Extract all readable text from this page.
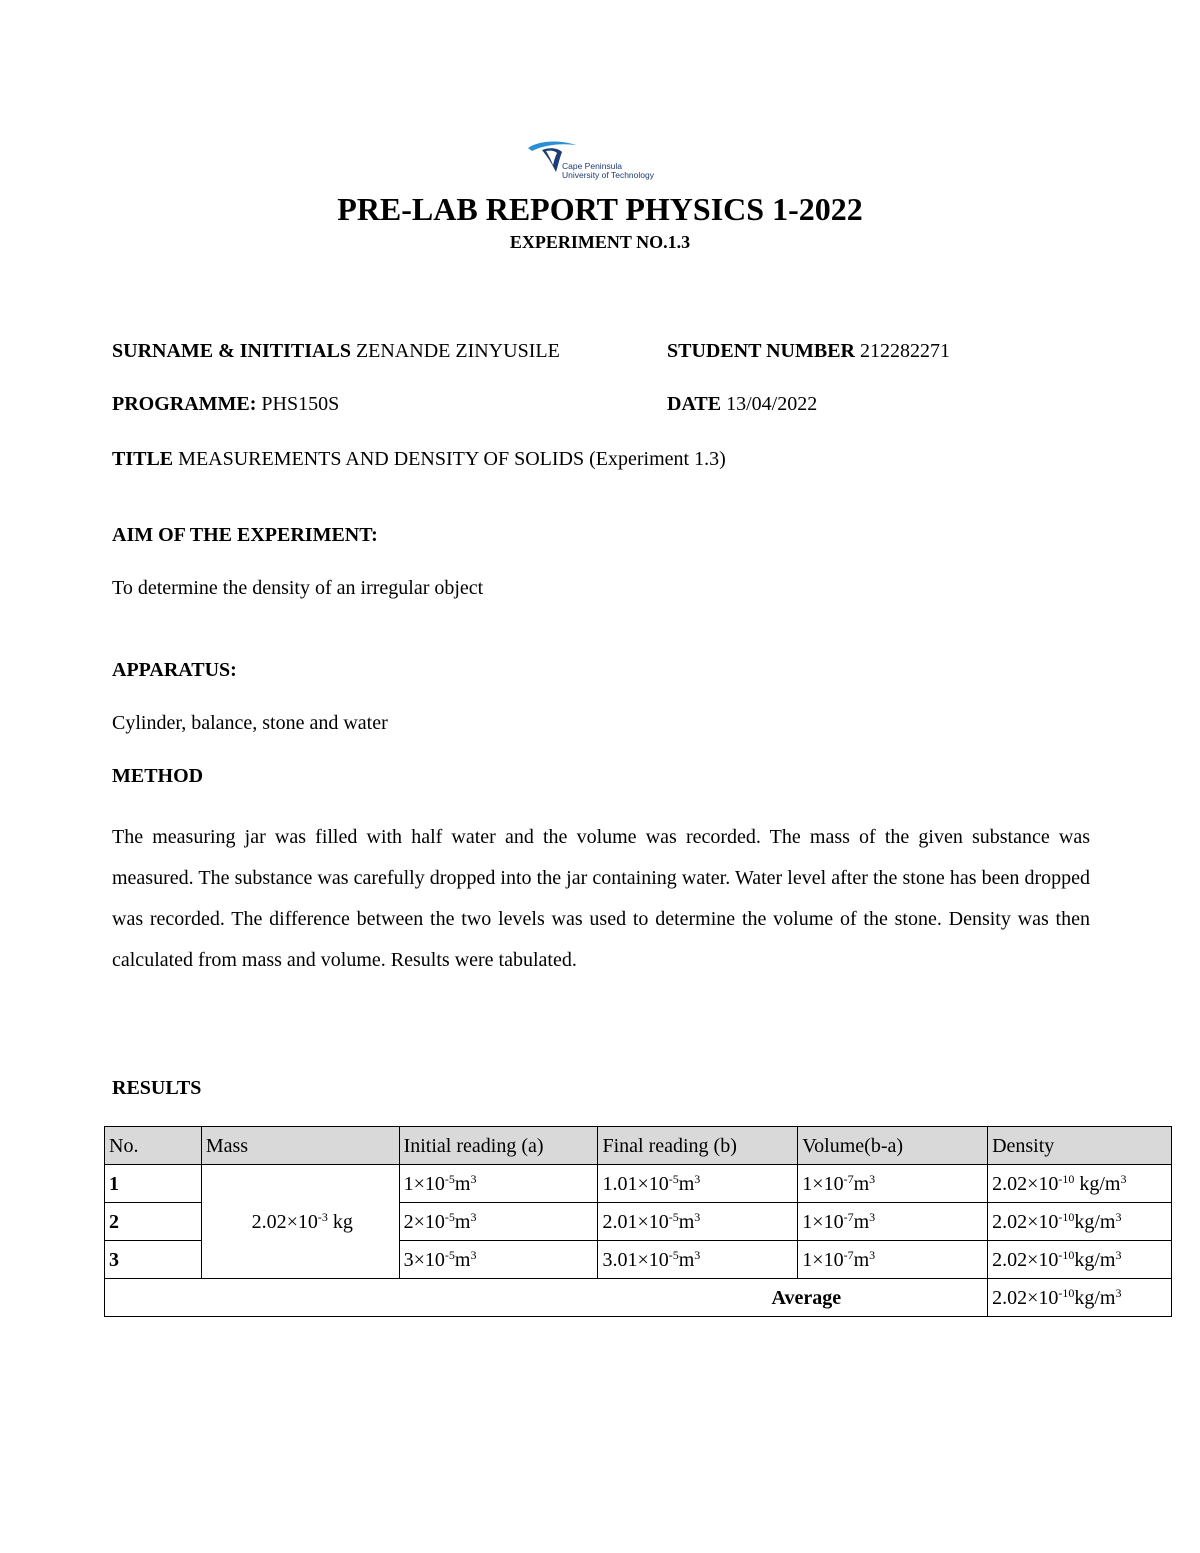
Cape Peninsula
University of Technology
PRE-LAB REPORT PHYSICS 1-2022
EXPERIMENT NO.1.3
SURNAME & INITITIALS ZENANDE ZINYUSILE	STUDENT NUMBER 212282271
PROGRAMME: PHS150S	DATE 13/04/2022
TITLE MEASUREMENTS AND DENSITY OF SOLIDS (Experiment 1.3)
AIM OF THE EXPERIMENT:
To determine the density of an irregular object
APPARATUS:
Cylinder, balance, stone and water
METHOD
The measuring jar was filled with half water and the volume was recorded. The mass of the given substance was measured. The substance was carefully dropped into the jar containing water. Water level after the stone has been dropped was recorded. The difference between the two levels was used to determine the volume of the stone. Density was then calculated from mass and volume. Results were tabulated.
RESULTS
No.	Mass	Initial reading (a)	Final reading (b)	Volume(b-a)	Density
1	$2.02\times 10^{-3}$ kg	$1\times 10^{-5}m^3$	$1.01\times 10^{-5}m^3$	$1\times 10^{-7}m^3$	$2.02\times 10^{-10}$ $kg/m^3$
2		$2\times 10^{-5}m^3$	$2.01\times 10^{-5}m^3$	$1\times 10^{-7}m^3$	$2.02\times 10^{-10}kg/m^3$
3		$3\times 10^{-5}m^3$	$3.01\times 10^{-5}m^3$	$1\times 10^{-7}m^3$	$2.02\times 10^{-10}kg/m^3$
Average					$2.02\times 10^{-10}kg/m^3$
